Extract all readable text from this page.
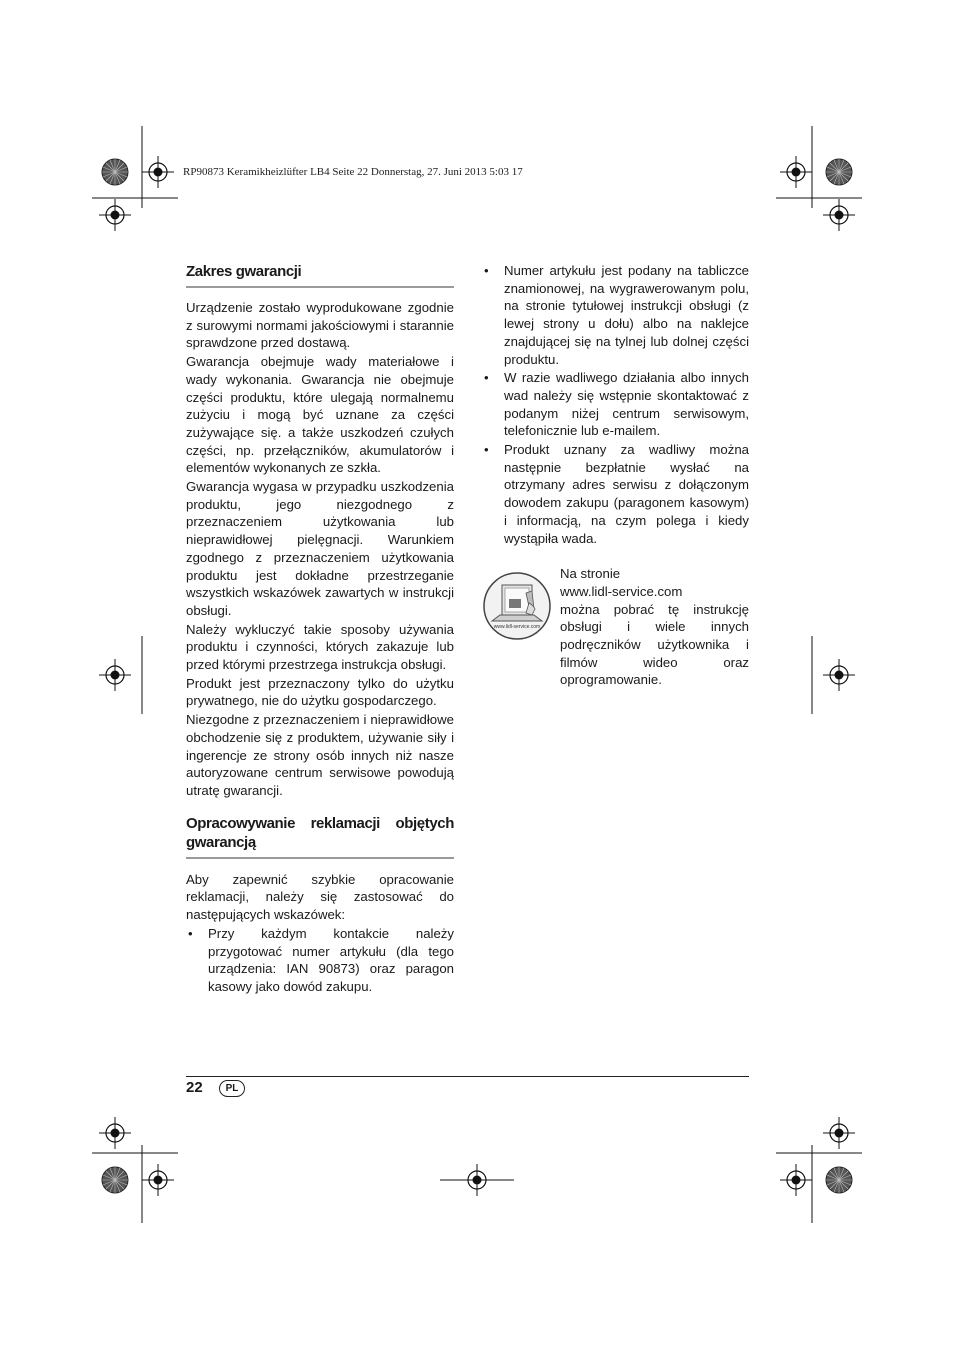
RP90873 Keramikheizlüfter LB4 Seite 22 Donnerstag, 27. Juni 2013 5:03 17
Zakres gwarancji

Urządzenie zostało wyprodukowane zgodnie z surowymi normami jakościowymi i starannie sprawdzone przed dostawą.

Gwarancja obejmuje wady materiałowe i wady wykonania. Gwarancja nie obejmuje części produktu, które ulegają normalnemu zużyciu i mogą być uznane za części zużywające się. a także uszkodzeń czułych części, np. przełączników, akumulatorów i elementów wykonanych ze szkła.

Gwarancja wygasa w przypadku uszkodzenia produktu, jego niezgodnego z przeznaczeniem użytkowania lub nieprawidłowej pielęgnacji. Warunkiem zgodnego z przeznaczeniem użytkowania produktu jest dokładne przestrzeganie wszystkich wskazówek zawartych w instrukcji obsługi.

Należy wykluczyć takie sposoby używania produktu i czynności, których zakazuje lub przed którymi przestrzega instrukcja obsługi.

Produkt jest przeznaczony tylko do użytku prywatnego, nie do użytku gospodarczego.

Niezgodne z przeznaczeniem i nieprawidłowe obchodzenie się z produktem, używanie siły i ingerencje ze strony osób innych niż nasze autoryzowane centrum serwisowe powodują utratę gwarancji.

Opracowywanie reklamacji objętych gwarancją

Aby zapewnić szybkie opracowanie reklamacji, należy się zastosować do następujących wskazówek:

• Przy każdym kontakcie należy przygotować numer artykułu (dla tego urządzenia: IAN 90873) oraz paragon kasowy jako dowód zakupu.
• Numer artykułu jest podany na tabliczce znamionowej, na wygrawerowanym polu, na stronie tytułowej instrukcji obsługi (z lewej strony u dołu) albo na naklejce znajdującej się na tylnej lub dolnej części produktu.
• W razie wadliwego działania albo innych wad należy się wstępnie skontaktować z podanym niżej centrum serwisowym, telefonicznie lub e-mailem.
• Produkt uznany za wadliwy można następnie bezpłatnie wysłać na otrzymany adres serwisu z dołączonym dowodem zakupu (paragonem kasowym) i informacją, na czym polega i kiedy wystąpiła wada.
www.lidl-service.com
Na stronie
www.lidl-service.com
można pobrać tę instrukcję obsługi i wiele innych podręczników użytkownika i filmów wideo oraz oprogramowanie.
22	PL
